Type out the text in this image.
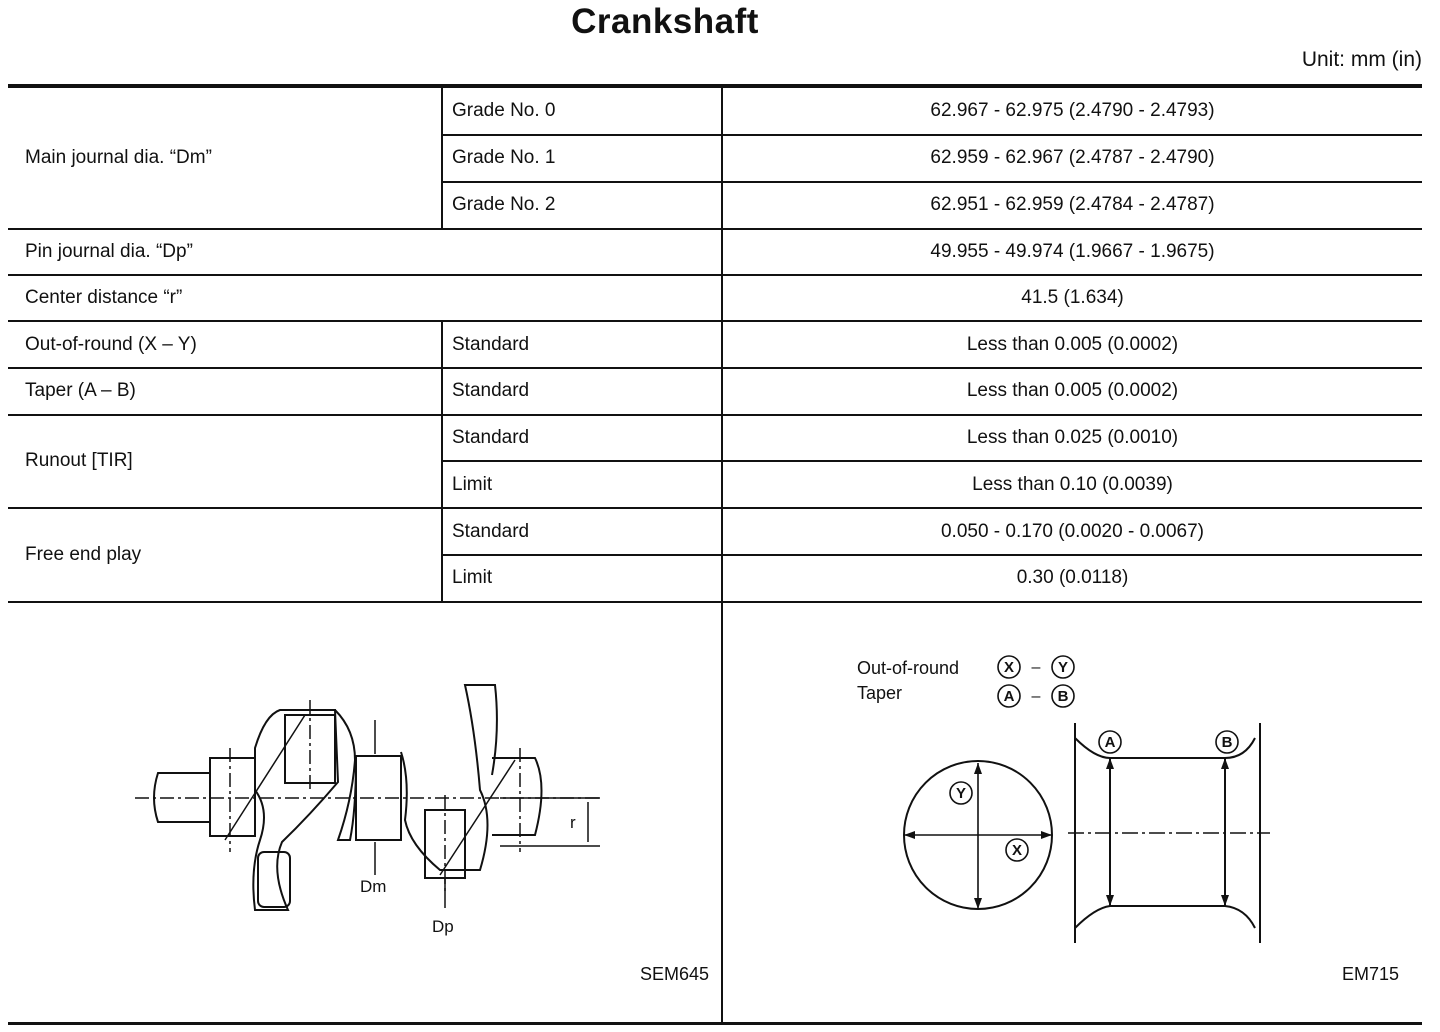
Crankshaft
Unit: mm (in)
Main journal dia. “Dm”
Grade No. 0	62.967 - 62.975 (2.4790 - 2.4793)
Grade No. 1	62.959 - 62.967 (2.4787 - 2.4790)
Grade No. 2	62.951 - 62.959 (2.4784 - 2.4787)
Pin journal dia. “Dp”	49.955 - 49.974 (1.9667 - 1.9675)
Center distance “r”	41.5 (1.634)
Out-of-round (X – Y)	Standard	Less than 0.005 (0.0002)
Taper (A – B)	Standard	Less than 0.005 (0.0002)
Runout [TIR]
Standard	Less than 0.025 (0.0010)
Limit	Less than 0.10 (0.0039)
Free end play
Standard	0.050 - 0.170 (0.0020 - 0.0067)
Limit	0.30 (0.0118)
Dm
Dp
r
SEM645
Out-of-round
Taper
X	Y
A	B
–
–
Y
X
A	B
EM715
